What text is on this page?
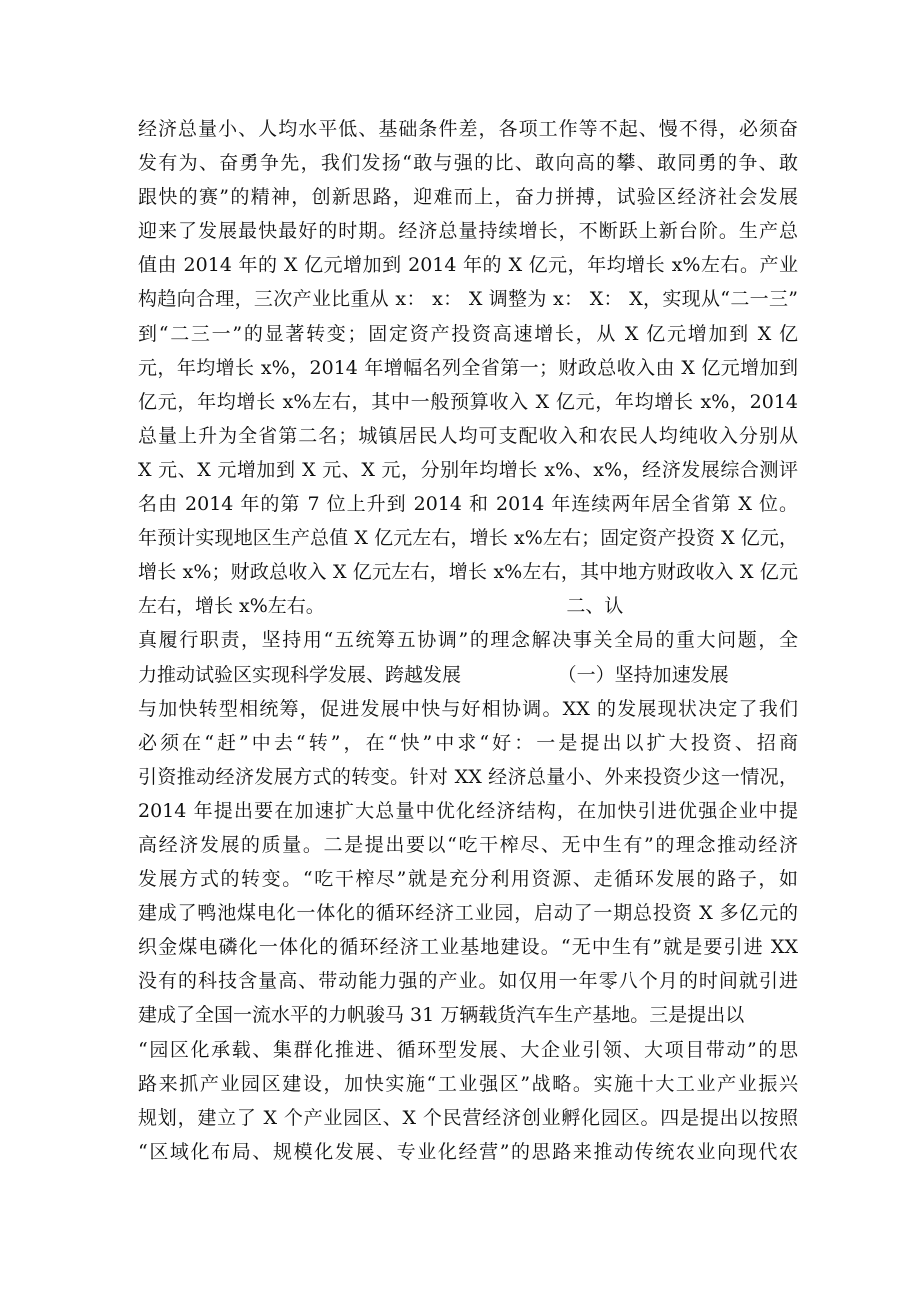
经济总量小、人均水平低、基础条件差，各项工作等不起、慢不得，必须奋
发有为、奋勇争先，我们发扬“敢与强的比、敢向高的攀、敢同勇的争、敢
跟快的赛”的精神，创新思路，迎难而上，奋力拼搏，试验区经济社会发展
迎来了发展最快最好的时期。经济总量持续增长，不断跃上新台阶。生产总
值由 2014 年的 X 亿元增加到 2014 年的 X 亿元，年均增长 x%左右。产业
构趋向合理，三次产业比重从 x： x： X 调整为 x： X： X，实现从“二一三”
到“二三一”的显著转变；固定资产投资高速增长，从 X 亿元增加到 X 亿
元，年均增长 x%，2014 年增幅名列全省第一；财政总收入由 X 亿元增加到
亿元，年均增长 x%左右，其中一般预算收入 X 亿元，年均增长 x%，2014
总量上升为全省第二名；城镇居民人均可支配收入和农民人均纯收入分别从
X 元、X 元增加到 X 元、X 元，分别年均增长 x%、x%，经济发展综合测评
名由 2014 年的第 7 位上升到 2014 和 2014 年连续两年居全省第 X 位。
年预计实现地区生产总值 X 亿元左右，增长 x%左右；固定资产投资 X 亿元，
增长 x%；财政总收入 X 亿元左右，增长 x%左右，其中地方财政收入 X 亿元
左右，增长 x%左右。                                        二、认
真履行职责，坚持用“五统筹五协调”的理念解决事关全局的重大问题，全
力推动试验区实现科学发展、跨越发展                （一）坚持加速发展
与加快转型相统筹，促进发展中快与好相协调。XX 的发展现状决定了我们
必须在“赶”中去“转”，在“快”中求“好：一是提出以扩大投资、招商
引资推动经济发展方式的转变。针对 XX 经济总量小、外来投资少这一情况，
2014 年提出要在加速扩大总量中优化经济结构，在加快引进优强企业中提
高经济发展的质量。二是提出要以“吃干榨尽、无中生有”的理念推动经济
发展方式的转变。“吃干榨尽”就是充分利用资源、走循环发展的路子，如
建成了鸭池煤电化一体化的循环经济工业园，启动了一期总投资 X 多亿元的
织金煤电磷化一体化的循环经济工业基地建设。“无中生有”就是要引进 XX
没有的科技含量高、带动能力强的产业。如仅用一年零八个月的时间就引进
建成了全国一流水平的力帆骏马 31 万辆载货汽车生产基地。三是提出以
“园区化承载、集群化推进、循环型发展、大企业引领、大项目带动”的思
路来抓产业园区建设，加快实施“工业强区”战略。实施十大工业产业振兴
规划，建立了 X 个产业园区、X 个民营经济创业孵化园区。四是提出以按照
“区域化布局、规模化发展、专业化经营”的思路来推动传统农业向现代农
